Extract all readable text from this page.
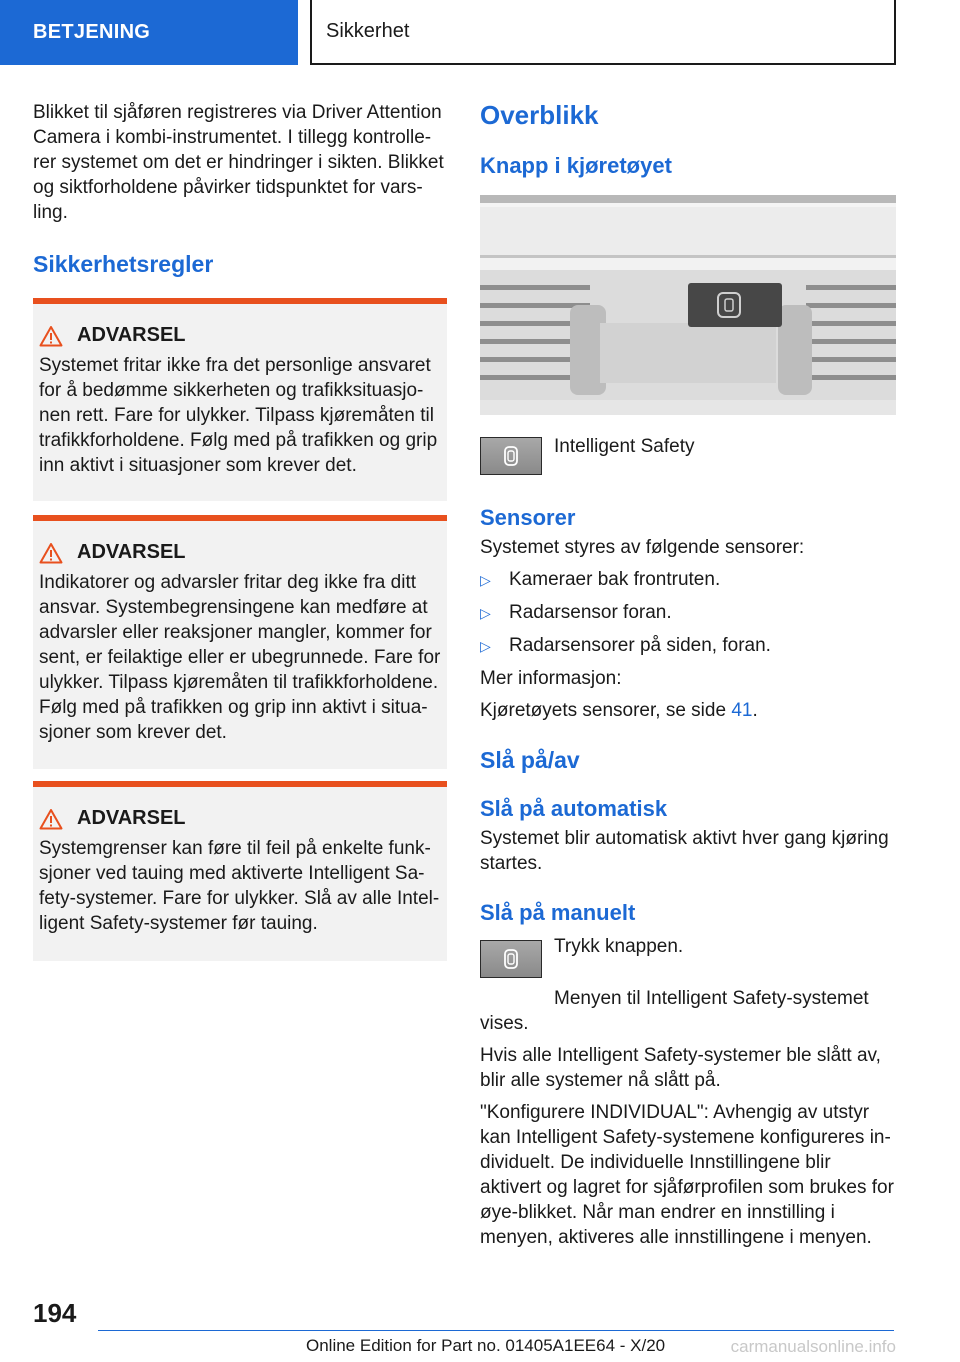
BETJENING	Sikkerhet

Blikket til sjåføren registreres via Driver Attention Camera i kombi-instrumentet. I tillegg kontrolle-rer systemet om det er hindringer i sikten. Blikket og siktforholdene påvirker tidspunktet for vars-ling.

Sikkerhetsregler
ADVARSEL

Systemet fritar ikke fra det personlige ansvaret for å bedømme sikkerheten og trafikksituasjo-nen rett. Fare for ulykker. Tilpass kjøremåten til trafikkforholdene. Følg med på trafikken og grip inn aktivt i situasjoner som krever det.

ADVARSEL

Indikatorer og advarsler fritar deg ikke fra ditt ansvar. Systembegrensingene kan medføre at advarsler eller reaksjoner mangler, kommer for sent, er feilaktige eller er ubegrunnede. Fare for ulykker. Tilpass kjøremåten til trafikkforholdene. Følg med på trafikken og grip inn aktivt i situa-sjoner som krever det.

ADVARSEL

Systemgrenser kan føre til feil på enkelte funk-sjoner ved tauing med aktiverte Intelligent Sa-fety-systemer. Fare for ulykker. Slå av alle Intel-ligent Safety-systemer før tauing.

Overblikk
Knapp i kjøretøyet

Intelligent Safety

Sensorer

Systemet styres av følgende sensorer:

▷ Kameraer bak frontruten.
▷ Radarsensor foran.
▷ Radarsensorer på siden, foran.

Mer informasjon:

Kjøretøyets sensorer, se side 41.

Slå på/av
Slå på automatisk

Systemet blir automatisk aktivt hver gang kjøring startes.

Slå på manuelt

Trykk knappen.

Menyen til Intelligent Safety-systemet vises.

Hvis alle Intelligent Safety-systemer ble slått av, blir alle systemer nå slått på.

"Konfigurere INDIVIDUAL": Avhengig av utstyr kan Intelligent Safety-systemene konfigureres in-dividuelt. De individuelle Innstillingene blir aktivert og lagret for sjåførprofilen som brukes for øye-blikket. Når man endrer en innstilling i menyen, aktiveres alle innstillingene i menyen.

194
Online Edition for Part no. 01405A1EE64 - X/20	carmanualsonline.info
